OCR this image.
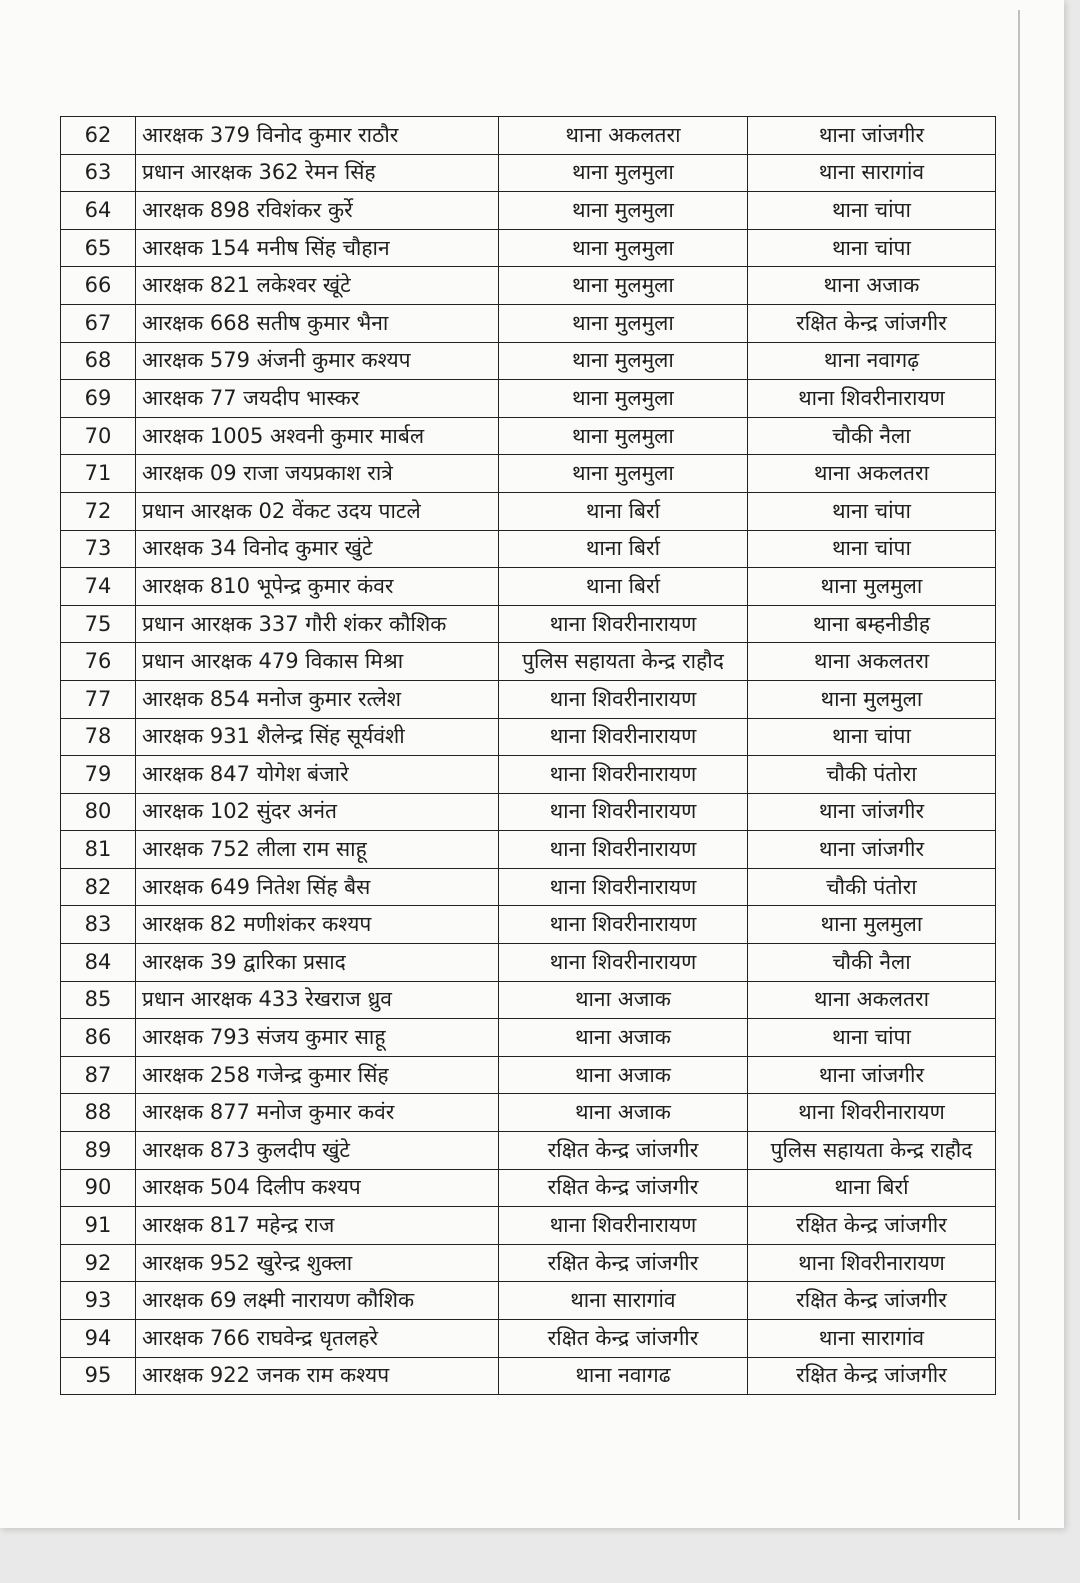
62	आरक्षक 379 विनोद कुमार राठौर	थाना अकलतरा	थाना जांजगीर
63	प्रधान आरक्षक 362 रेमन सिंह	थाना मुलमुला	थाना सारागांव
64	आरक्षक 898 रविशंकर कुर्रे	थाना मुलमुला	थाना चांपा
65	आरक्षक 154 मनीष सिंह चौहान	थाना मुलमुला	थाना चांपा
66	आरक्षक 821 लकेश्वर खूंटे	थाना मुलमुला	थाना अजाक
67	आरक्षक 668 सतीष कुमार भैना	थाना मुलमुला	रक्षित केन्द्र जांजगीर
68	आरक्षक 579 अंजनी कुमार कश्यप	थाना मुलमुला	थाना नवागढ़
69	आरक्षक 77 जयदीप भास्कर	थाना मुलमुला	थाना शिवरीनारायण
70	आरक्षक 1005 अश्वनी कुमार मार्बल	थाना मुलमुला	चौकी नैला
71	आरक्षक 09 राजा जयप्रकाश रात्रे	थाना मुलमुला	थाना अकलतरा
72	प्रधान आरक्षक 02 वेंकट उदय पाटले	थाना बिर्रा	थाना चांपा
73	आरक्षक 34 विनोद कुमार खुंटे	थाना बिर्रा	थाना चांपा
74	आरक्षक 810 भूपेन्द्र कुमार कंवर	थाना बिर्रा	थाना मुलमुला
75	प्रधान आरक्षक 337 गौरी शंकर कौशिक	थाना शिवरीनारायण	थाना बम्हनीडीह
76	प्रधान आरक्षक 479 विकास मिश्रा	पुलिस सहायता केन्द्र राहौद	थाना अकलतरा
77	आरक्षक 854 मनोज कुमार रत्लेश	थाना शिवरीनारायण	थाना मुलमुला
78	आरक्षक 931 शैलेन्द्र सिंह सूर्यवंशी	थाना शिवरीनारायण	थाना चांपा
79	आरक्षक 847 योगेश बंजारे	थाना शिवरीनारायण	चौकी पंतोरा
80	आरक्षक 102 सुंदर अनंत	थाना शिवरीनारायण	थाना जांजगीर
81	आरक्षक 752 लीला राम साहू	थाना शिवरीनारायण	थाना जांजगीर
82	आरक्षक 649 नितेश सिंह बैस	थाना शिवरीनारायण	चौकी पंतोरा
83	आरक्षक 82 मणीशंकर कश्यप	थाना शिवरीनारायण	थाना मुलमुला
84	आरक्षक 39 द्वारिका प्रसाद	थाना शिवरीनारायण	चौकी नैला
85	प्रधान आरक्षक 433 रेखराज ध्रुव	थाना अजाक	थाना अकलतरा
86	आरक्षक 793 संजय कुमार साहू	थाना अजाक	थाना चांपा
87	आरक्षक 258 गजेन्द्र कुमार सिंह	थाना अजाक	थाना जांजगीर
88	आरक्षक 877 मनोज कुमार कवंर	थाना अजाक	थाना शिवरीनारायण
89	आरक्षक 873 कुलदीप खुंटे	रक्षित केन्द्र जांजगीर	पुलिस सहायता केन्द्र राहौद
90	आरक्षक 504 दिलीप कश्यप	रक्षित केन्द्र जांजगीर	थाना बिर्रा
91	आरक्षक 817 महेन्द्र राज	थाना शिवरीनारायण	रक्षित केन्द्र जांजगीर
92	आरक्षक 952 खुरेन्द्र शुक्ला	रक्षित केन्द्र जांजगीर	थाना शिवरीनारायण
93	आरक्षक 69 लक्ष्मी नारायण कौशिक	थाना सारागांव	रक्षित केन्द्र जांजगीर
94	आरक्षक 766 राघवेन्द्र धृतलहरे	रक्षित केन्द्र जांजगीर	थाना सारागांव
95	आरक्षक 922 जनक राम कश्यप	थाना नवागढ	रक्षित केन्द्र जांजगीर
